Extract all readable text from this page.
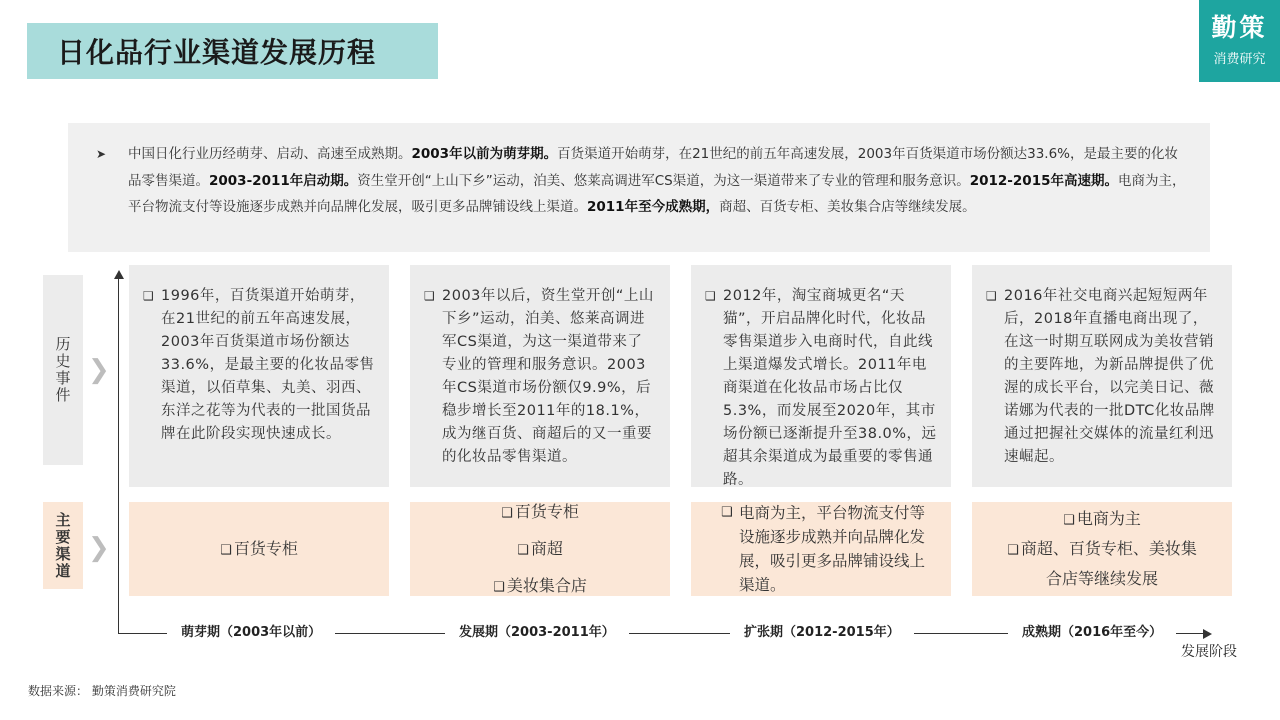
日化品行业渠道发展历程
勤策
消费研究
➤ 中国日化行业历经萌芽、启动、高速至成熟期。2003年以前为萌芽期。百货渠道开始萌芽，在21世纪的前五年高速发展，2003年百货渠道市场份额达33.6%，是最主要的化妆品零售渠道。2003-2011年启动期。资生堂开创“上山下乡”运动，泊美、悠莱高调进军CS渠道，为这一渠道带来了专业的管理和服务意识。2012-2015年高速期。电商为主，平台物流支付等设施逐步成熟并向品牌化发展，吸引更多品牌铺设线上渠道。2011年至今成熟期，商超、百货专柜、美妆集合店等继续发展。
历史事件 ❯
主要渠道 ❯
❑ 1996年，百货渠道开始萌芽，在21世纪的前五年高速发展，2003年百货渠道市场份额达33.6%，是最主要的化妆品零售渠道，以佰草集、丸美、羽西、东洋之花等为代表的一批国货品牌在此阶段实现快速成长。
❑ 2003年以后，资生堂开创“上山下乡”运动，泊美、悠莱高调进军CS渠道，为这一渠道带来了专业的管理和服务意识。2003年CS渠道市场份额仅9.9%，后稳步增长至2011年的18.1%，成为继百货、商超后的又一重要的化妆品零售渠道。
❑ 2012年，淘宝商城更名“天猫”，开启品牌化时代，化妆品零售渠道步入电商时代，自此线上渠道爆发式增长。2011年电商渠道在化妆品市场占比仅5.3%，而发展至2020年，其市场份额已逐渐提升至38.0%，远超其余渠道成为最重要的零售通路。
❑ 2016年社交电商兴起短短两年后，2018年直播电商出现了，在这一时期互联网成为美妆营销的主要阵地，为新品牌提供了优渥的成长平台，以完美日记、薇诺娜为代表的一批DTC化妆品牌通过把握社交媒体的流量红利迅速崛起。
❑ 百货专柜
❑ 百货专柜
❑ 商超
❑ 美妆集合店
❑ 电商为主，平台物流支付等设施逐步成熟并向品牌化发展，吸引更多品牌铺设线上渠道。
❑ 电商为主
❑ 商超、百货专柜、美妆集合店等继续发展
萌芽期（2003年以前）	发展期（2003-2011年）	扩张期（2012-2015年）	成熟期（2016年至今）
发展阶段
数据来源： 勤策消费研究院
